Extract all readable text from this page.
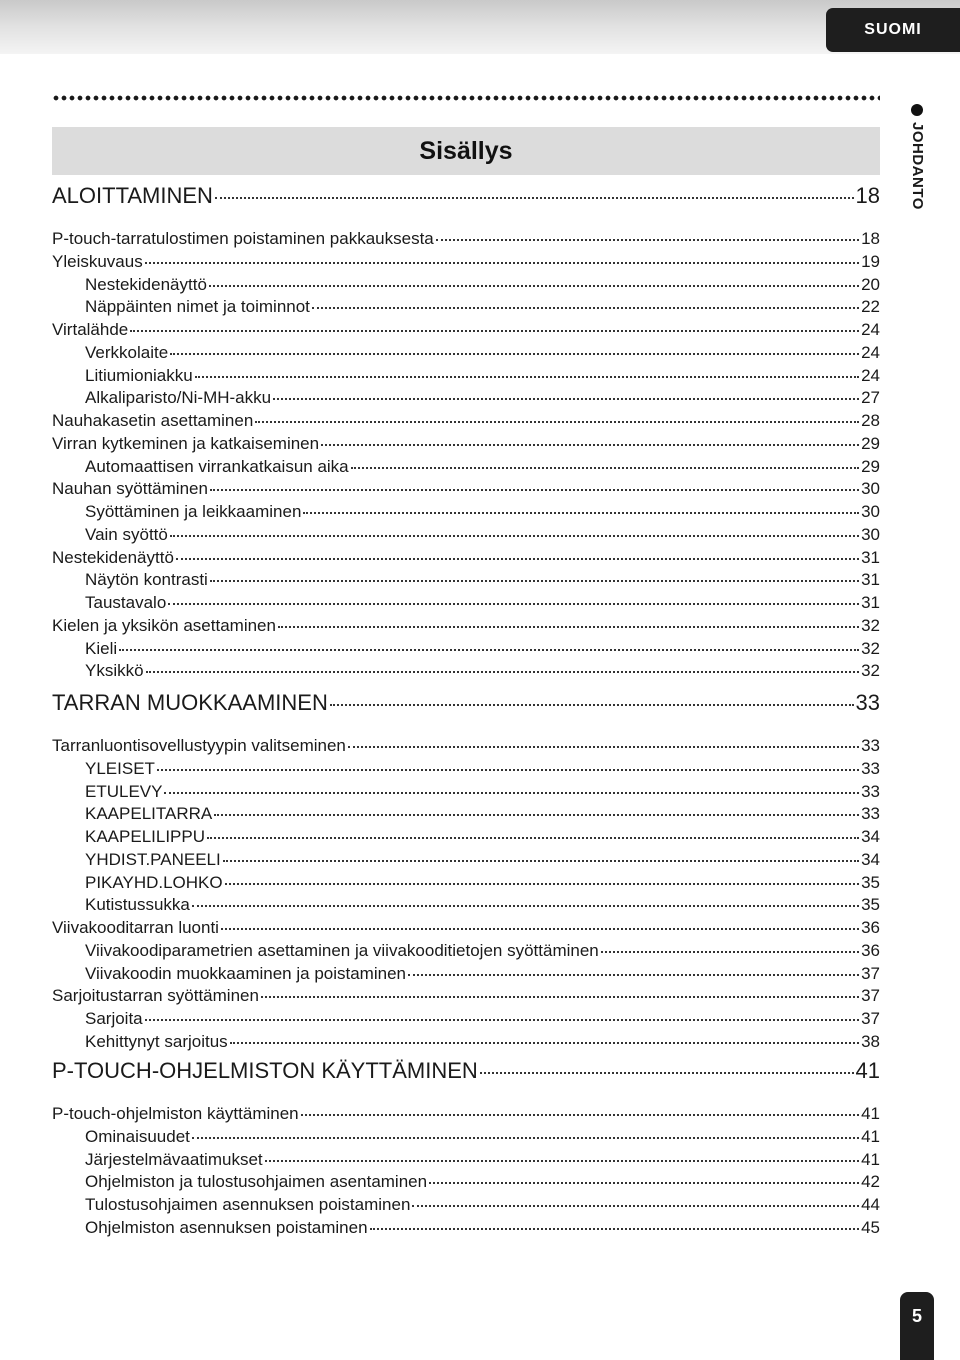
SUOMI
JOHDANTO
Sisällys
ALOITTAMINEN	18
P-touch-tarratulostimen poistaminen pakkauksesta	18
Yleiskuvaus	19
Nestekidenäyttö	20
Näppäinten nimet ja toiminnot	22
Virtalähde	24
Verkkolaite	24
Litiumioniakku	24
Alkaliparisto/Ni-MH-akku	27
Nauhakasetin asettaminen	28
Virran kytkeminen ja katkaiseminen	29
Automaattisen virrankatkaisun aika	29
Nauhan syöttäminen	30
Syöttäminen ja leikkaaminen	30
Vain syöttö	30
Nestekidenäyttö	31
Näytön kontrasti	31
Taustavalo	31
Kielen ja yksikön asettaminen	32
Kieli	32
Yksikkö	32
TARRAN MUOKKAAMINEN	33
Tarranluontisovellustyypin valitseminen	33
YLEISET	33
ETULEVY	33
KAAPELITARRA	33
KAAPELILIPPU	34
YHDIST.PANEELI	34
PIKAYHD.LOHKO	35
Kutistussukka	35
Viivakooditarran luonti	36
Viivakoodiparametrien asettaminen ja viivakooditietojen syöttäminen	36
Viivakoodin muokkaaminen ja poistaminen	37
Sarjoitustarran syöttäminen	37
Sarjoita	37
Kehittynyt sarjoitus	38
P-TOUCH-OHJELMISTON KÄYTTÄMINEN	41
P-touch-ohjelmiston käyttäminen	41
Ominaisuudet	41
Järjestelmävaatimukset	41
Ohjelmiston ja tulostusohjaimen asentaminen	42
Tulostusohjaimen asennuksen poistaminen	44
Ohjelmiston asennuksen poistaminen	45
5
